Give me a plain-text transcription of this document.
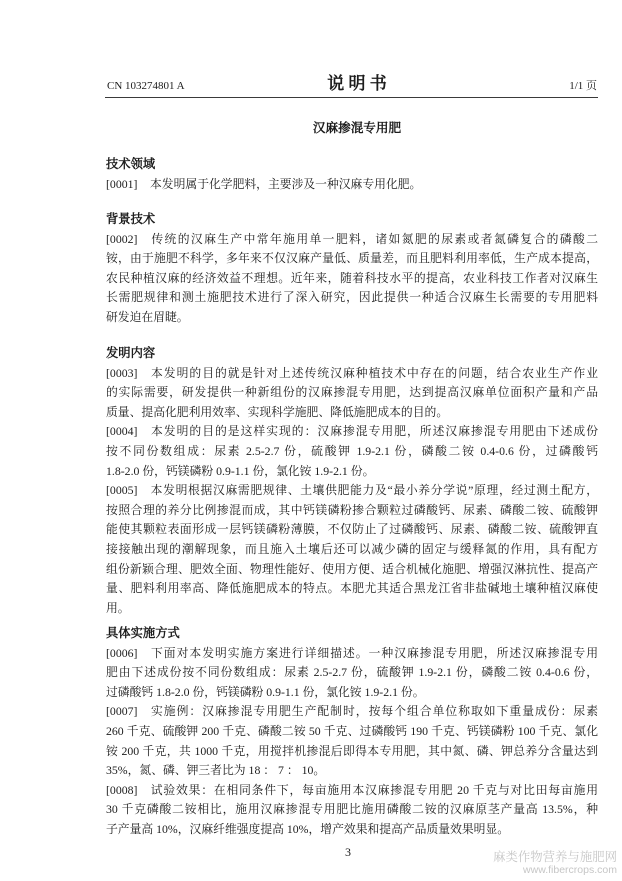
CN 103274801 A	说 明 书	1/1 页
汉麻掺混专用肥
技术领域
[0001] 本发明属于化学肥料，主要涉及一种汉麻专用化肥。
背景技术
[0002] 传统的汉麻生产中常年施用单一肥料，诸如氮肥的尿素或者氮磷复合的磷酸二
铵，由于施肥不科学，多年来不仅汉麻产量低、质量差，而且肥料利用率低，生产成本提高，
农民种植汉麻的经济效益不理想。近年来，随着科技水平的提高，农业科技工作者对汉麻生
长需肥规律和测土施肥技术进行了深入研究，因此提供一种适合汉麻生长需要的专用肥料
研发迫在眉睫。
发明内容
[0003] 本发明的目的就是针对上述传统汉麻种植技术中存在的问题，结合农业生产作业
的实际需要，研发提供一种新组份的汉麻掺混专用肥，达到提高汉麻单位面积产量和产品
质量、提高化肥利用效率、实现科学施肥、降低施肥成本的目的。
[0004] 本发明的目的是这样实现的：汉麻掺混专用肥，所述汉麻掺混专用肥由下述成份
按不同份数组成：尿素 2.5-2.7 份，硫酸钾 1.9-2.1 份，磷酸二铵 0.4-0.6 份，过磷酸钙
1.8-2.0 份，钙镁磷粉 0.9-1.1 份，氯化铵 1.9-2.1 份。
[0005] 本发明根据汉麻需肥规律、土壤供肥能力及“最小养分学说”原理，经过测土配方，
按照合理的养分比例掺混而成，其中钙镁磷粉掺合颗粒过磷酸钙、尿素、磷酸二铵、硫酸钾
能使其颗粒表面形成一层钙镁磷粉薄膜，不仅防止了过磷酸钙、尿素、磷酸二铵、硫酸钾直
接接触出现的潮解现象，而且施入土壤后还可以减少磷的固定与缓释氮的作用，具有配方
组份新颖合理、肥效全面、物理性能好、使用方便、适合机械化施肥、增强汉淋抗性、提高产
量、肥料利用率高、降低施肥成本的特点。本肥尤其适合黑龙江省非盐碱地土壤种植汉麻使
用。
具体实施方式
[0006] 下面对本发明实施方案进行详细描述。一种汉麻掺混专用肥，所述汉麻掺混专用
肥由下述成份按不同份数组成：尿素 2.5-2.7 份，硫酸钾 1.9-2.1 份，磷酸二铵 0.4-0.6 份，
过磷酸钙 1.8-2.0 份，钙镁磷粉 0.9-1.1 份，氯化铵 1.9-2.1 份。
[0007] 实施例：汉麻掺混专用肥生产配制时，按每个组合单位称取如下重量成份：尿素
260 千克、硫酸钾 200 千克、磷酸二铵 50 千克、过磷酸钙 190 千克、钙镁磷粉 100 千克、氯化
铵 200 千克，共 1000 千克，用搅拌机掺混后即得本专用肥，其中氮、磷、钾总养分含量达到
35%，氮、磷、钾三者比为 18 ： 7 ： 10。
[0008] 试验效果：在相同条件下，每亩施用本汉麻掺混专用肥 20 千克与对比田每亩施用
30 千克磷酸二铵相比，施用汉麻掺混专用肥比施用磷酸二铵的汉麻原茎产量高 13.5%，种
子产量高 10%，汉麻纤维强度提高 10%，增产效果和提高产品质量效果明显。
3	麻类作物营养与施肥网
www.fibercrops.com
